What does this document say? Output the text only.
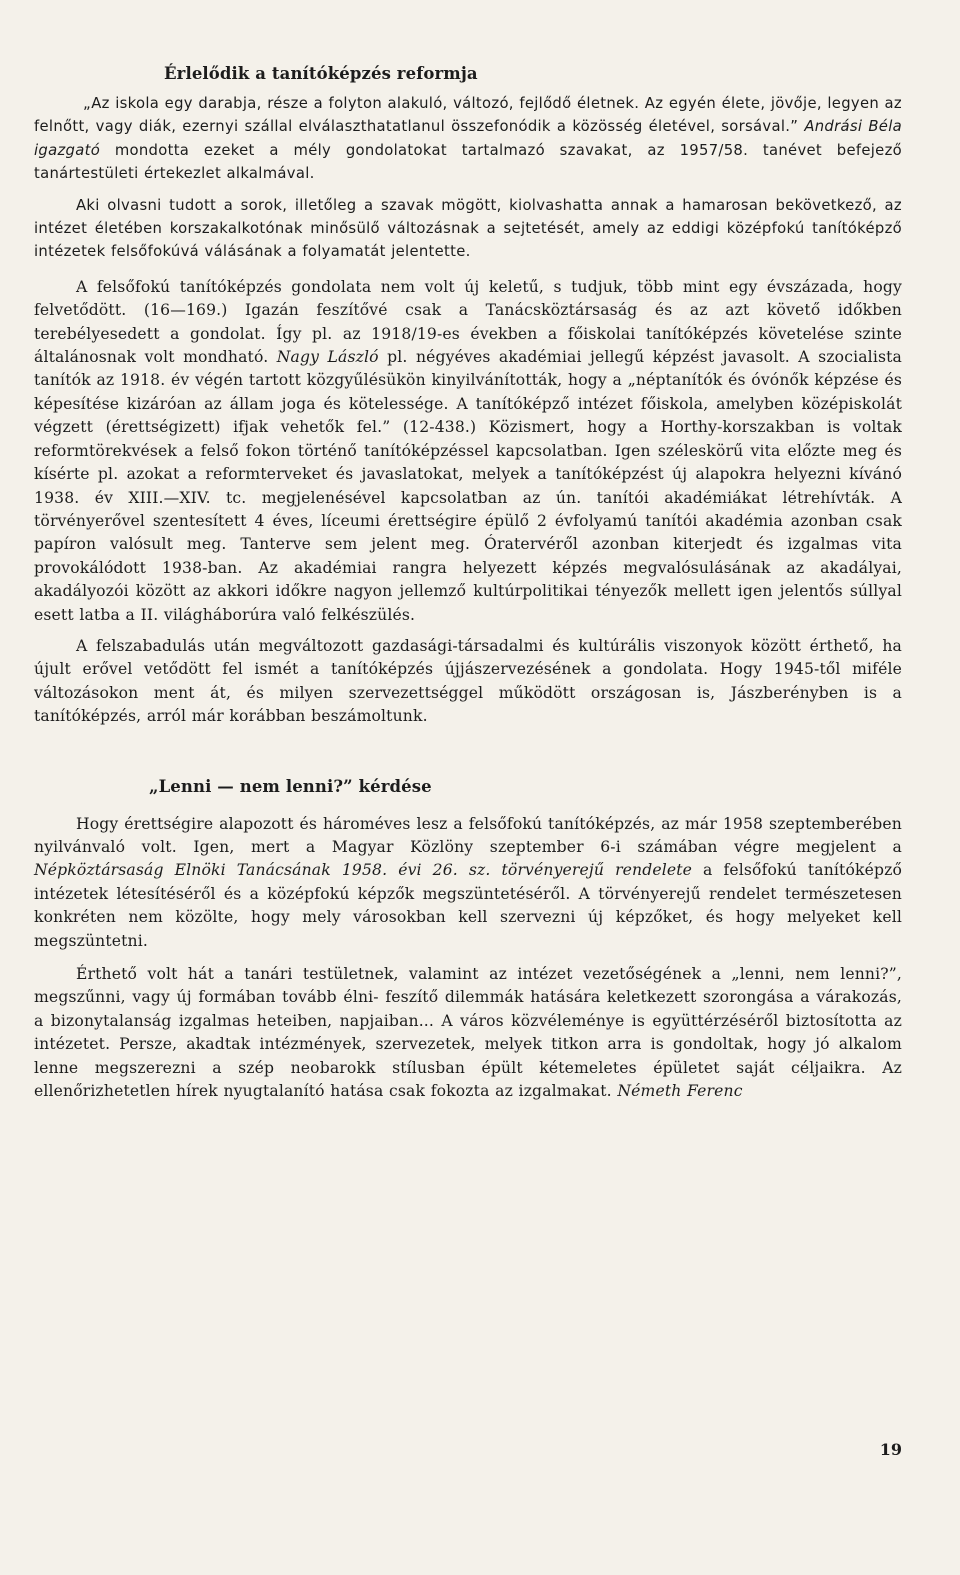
Érlelődik a tanítóképzés reformja

„Az iskola egy darabja, része a folyton alakuló, változó, fejlődő életnek. Az egyén élete, jövője, legyen az felnőtt, vagy diák, ezernyi szállal elválaszthatatlanul összefonódik a közösség életével, sorsával.” Andrási Béla igazgató mondotta ezeket a mély gondolatokat tartalmazó szavakat, az 1957/58. tanévet befejező tanártestületi értekezlet alkalmával.

Aki olvasni tudott a sorok, illetőleg a szavak mögött, kiolvashatta annak a hamarosan bekövetkező, az intézet életében korszakalkotónak minősülő változásnak a sejtetését, amely az eddigi középfokú tanítóképző intézetek felsőfokúvá válásának a folyamatát jelentette.

A felsőfokú tanítóképzés gondolata nem volt új keletű, s tudjuk, több mint egy évszázada, hogy felvetődött. (16—169.) Igazán feszítővé csak a Tanácsköztársaság és az azt követő időkben terebélyesedett a gondolat. Így pl. az 1918/19-es években a főiskolai tanítóképzés követelése szinte általánosnak volt mondható. Nagy László pl. négyéves akadémiai jellegű képzést javasolt. A szocialista tanítók az 1918. év végén tartott közgyűlésükön kinyilvánították, hogy a „néptanítók és óvónők képzése és képesítése kizáróan az állam joga és kötelessége. A tanítóképző intézet főiskola, amelyben középiskolát végzett (érettségizett) ifjak vehetők fel.” (12-438.) Közismert, hogy a Horthy-korszakban is voltak reformtörekvések a felső fokon történő tanítóképzéssel kapcsolatban. Igen széleskörű vita előzte meg és kísérte pl. azokat a reformterveket és javaslatokat, melyek a tanítóképzést új alapokra helyezni kívánó 1938. év XIII.—XIV. tc. megjelenésével kapcsolatban az ún. tanítói akadémiákat létrehívták. A törvényerővel szentesített 4 éves, líceumi érettségire épülő 2 évfolyamú tanítói akadémia azonban csak papíron valósult meg. Tanterve sem jelent meg. Óratervéről azonban kiterjedt és izgalmas vita provokálódott 1938-ban. Az akadémiai rangra helyezett képzés megvalósulásának az akadályai, akadályozói között az akkori időkre nagyon jellemző kultúrpolitikai tényezők mellett igen jelentős súllyal esett latba a II. világháborúra való felkészülés.

A felszabadulás után megváltozott gazdasági-társadalmi és kultúrális viszonyok között érthető, ha újult erővel vetődött fel ismét a tanítóképzés újjászervezésének a gondolata. Hogy 1945-től miféle változásokon ment át, és milyen szervezettséggel működött országosan is, Jászberényben is a tanítóképzés, arról már korábban beszámoltunk.

„Lenni — nem lenni?” kérdése

Hogy érettségire alapozott és hároméves lesz a felsőfokú tanítóképzés, az már 1958 szeptemberében nyilvánvaló volt. Igen, mert a Magyar Közlöny szeptember 6-i számában végre megjelent a Népköztársaság Elnöki Tanácsának 1958. évi 26. sz. törvényerejű rendelete a felsőfokú tanítóképző intézetek létesítéséről és a középfokú képzők megszüntetéséről. A törvényerejű rendelet természetesen konkréten nem közölte, hogy mely városokban kell szervezni új képzőket, és hogy melyeket kell megszüntetni.

Érthető volt hát a tanári testületnek, valamint az intézet vezetőségének a „lenni, nem lenni?”, megszűnni, vagy új formában tovább élni- feszítő dilemmák hatására keletkezett szorongása a várakozás, a bizonytalanság izgalmas heteiben, napjaiban... A város közvéleménye is együttérzéséről biztosította az intézetet. Persze, akadtak intézmények, szervezetek, melyek titkon arra is gondoltak, hogy jó alkalom lenne megszerezni a szép neobarokk stílusban épült kétemeletes épületet saját céljaikra. Az ellenőrizhetetlen hírek nyugtalanító hatása csak fokozta az izgalmakat. Németh Ferenc

19
